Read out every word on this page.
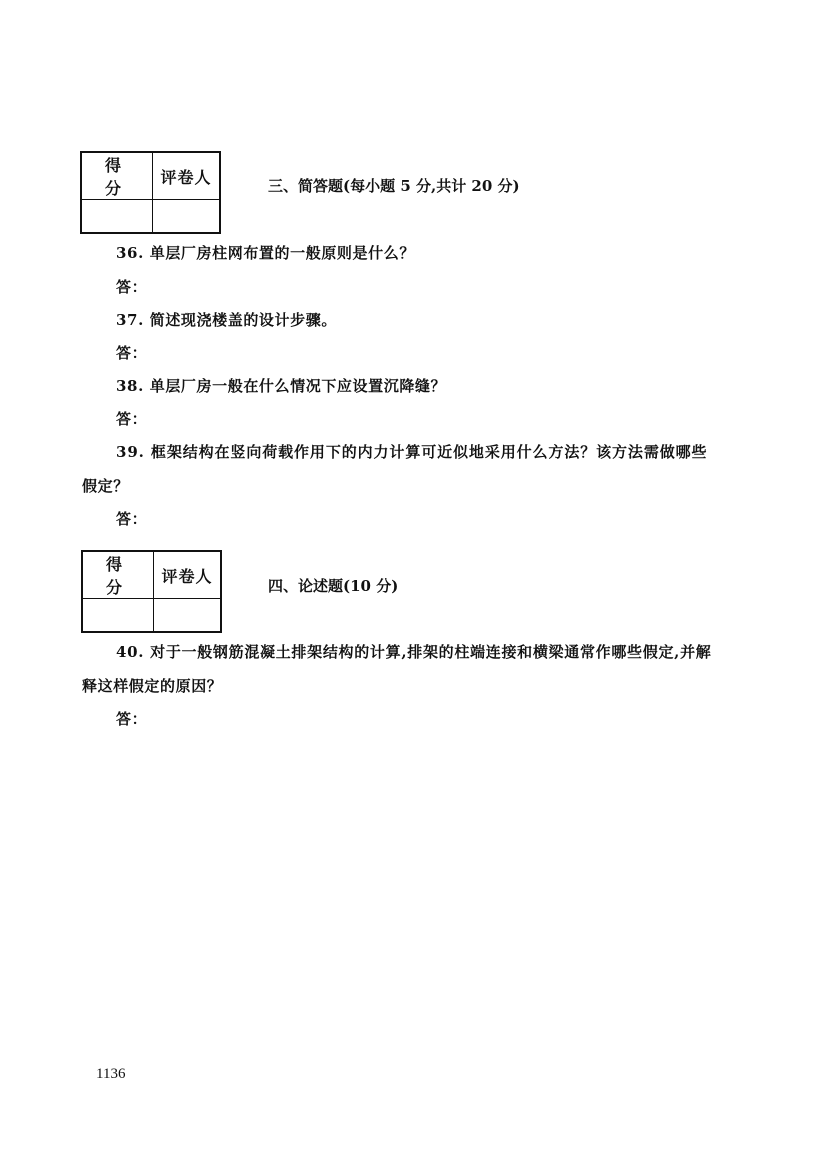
得 分	评卷人
		三、简答题(每小题 5 分,共计 20 分)
36. 单层厂房柱网布置的一般原则是什么？
答：
37. 简述现浇楼盖的设计步骤。
答：
38. 单层厂房一般在什么情况下应设置沉降缝？
答：
39. 框架结构在竖向荷载作用下的内力计算可近似地采用什么方法？该方法需做哪些
假定？
答：
得 分	评卷人

四、论述题(10 分)
40. 对于一般钢筋混凝土排架结构的计算,排架的柱端连接和横梁通常作哪些假定,并解
释这样假定的原因？
答：
1136
